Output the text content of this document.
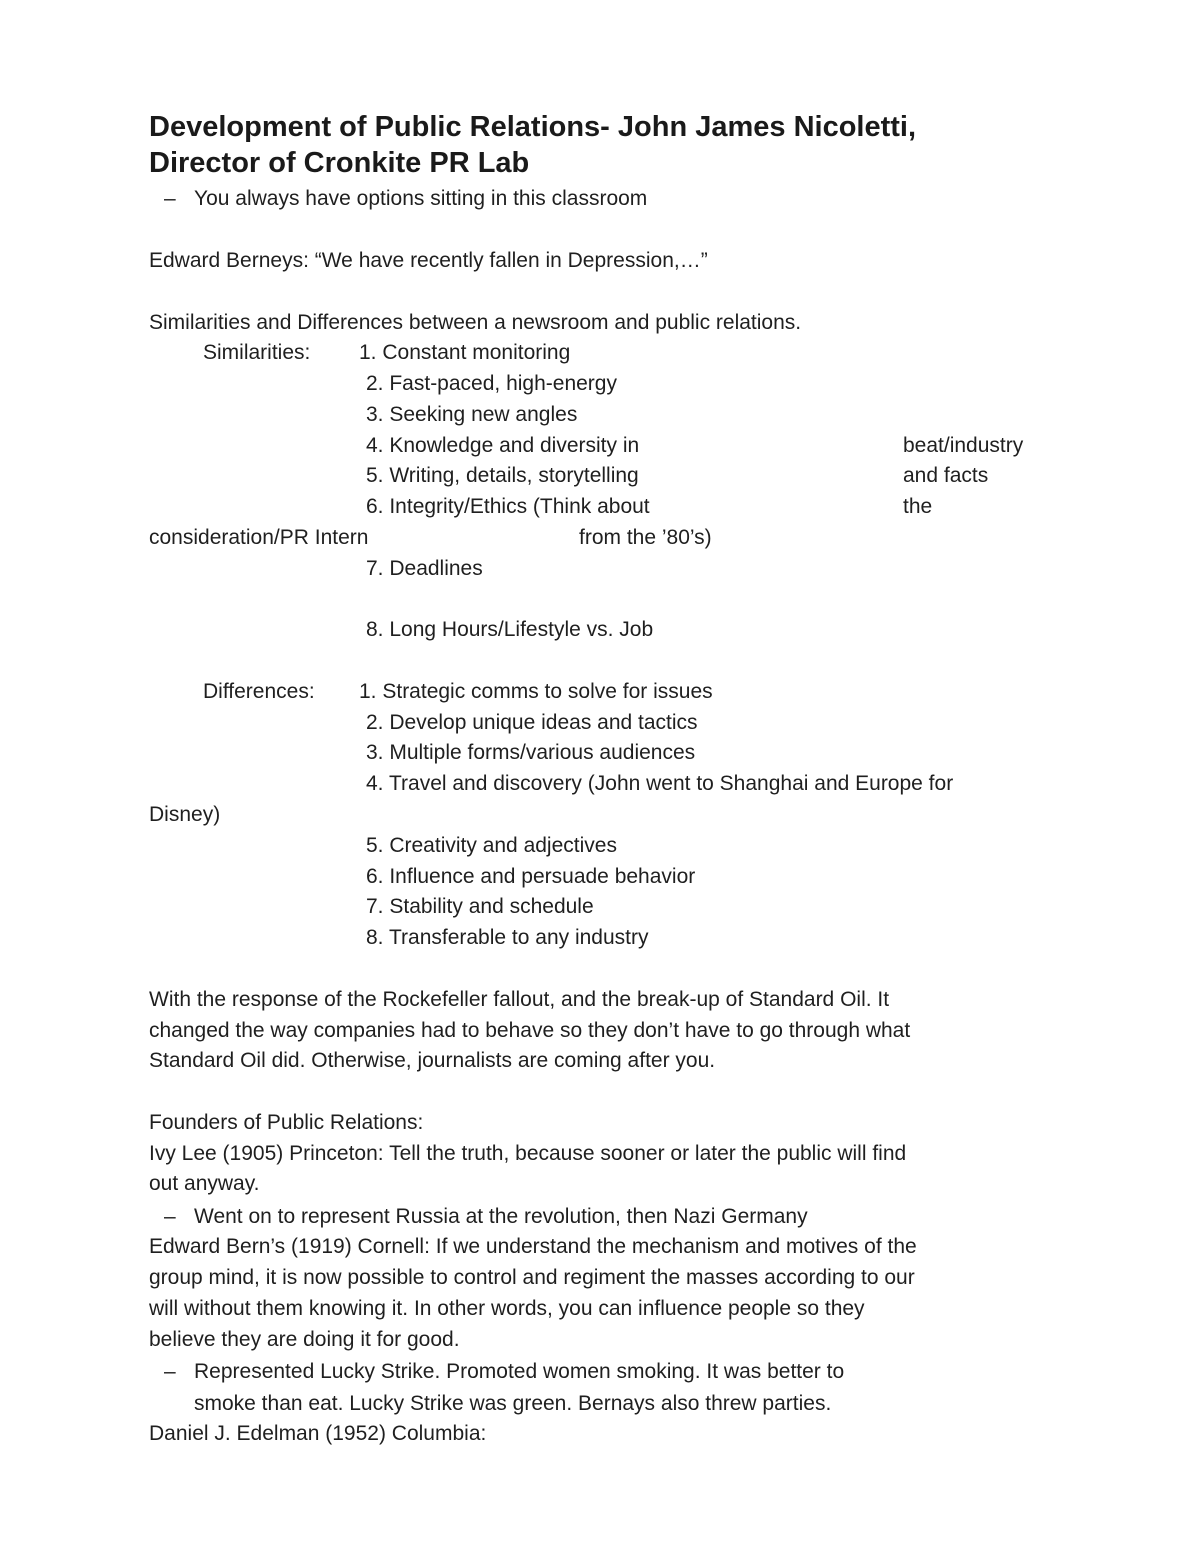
Development of Public Relations- John James Nicoletti,
Director of Cronkite PR Lab
– You always have options sitting in this classroom
Edward Berneys: “We have recently fallen in Depression,…”
Similarities and Differences between a newsroom and public relations.
Similarities: 1. Constant monitoring
2. Fast-paced, high-energy
3. Seeking new angles
4. Knowledge and diversity in	beat/industry
5. Writing, details, storytelling	and facts
6. Integrity/Ethics (Think about	the
consideration/PR Intern	from the ’80’s)
7. Deadlines
8. Long Hours/Lifestyle vs. Job
Differences: 1. Strategic comms to solve for issues
2. Develop unique ideas and tactics
3. Multiple forms/various audiences
4. Travel and discovery (John went to Shanghai and Europe for
Disney)
5. Creativity and adjectives
6. Influence and persuade behavior
7. Stability and schedule
8. Transferable to any industry
With the response of the Rockefeller fallout, and the break-up of Standard Oil. It
changed the way companies had to behave so they don’t have to go through what
Standard Oil did. Otherwise, journalists are coming after you.
Founders of Public Relations:
Ivy Lee (1905) Princeton: Tell the truth, because sooner or later the public will find
out anyway.
– Went on to represent Russia at the revolution, then Nazi Germany
Edward Bern’s (1919) Cornell: If we understand the mechanism and motives of the
group mind, it is now possible to control and regiment the masses according to our
will without them knowing it. In other words, you can influence people so they
believe they are doing it for good.
– Represented Lucky Strike. Promoted women smoking. It was better to
smoke than eat. Lucky Strike was green. Bernays also threw parties.
Daniel J. Edelman (1952) Columbia:
